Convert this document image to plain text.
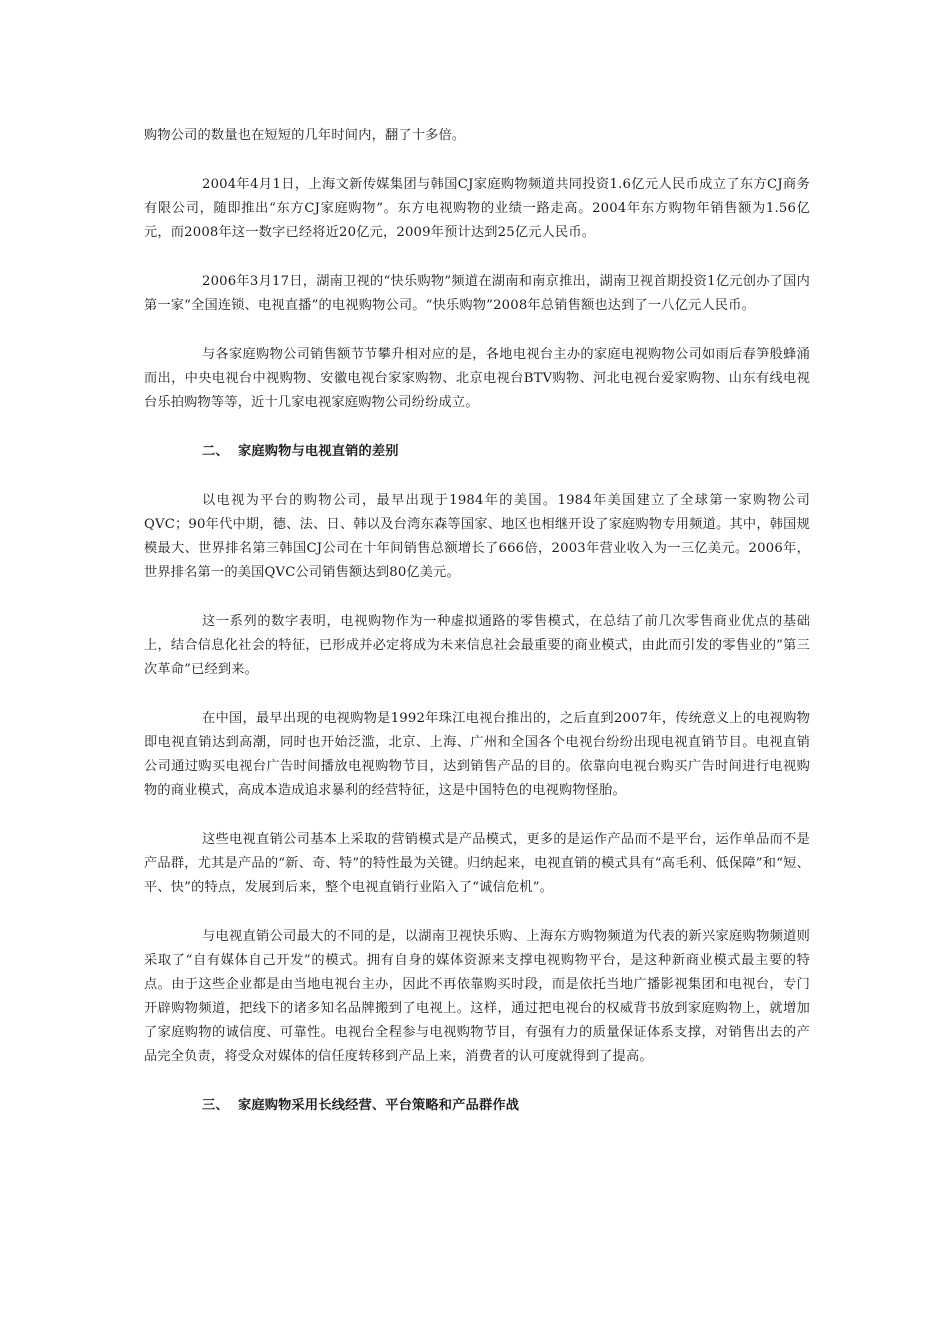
购物公司的数量也在短短的几年时间内，翻了十多倍。

2004年4月1日，上海文新传媒集团与韩国CJ家庭购物频道共同投资1.6亿元人民币成立了东方CJ商务有限公司，随即推出“东方CJ家庭购物”。东方电视购物的业绩一路走高。2004年东方购物年销售额为1.56亿元，而2008年这一数字已经将近20亿元，2009年预计达到25亿元人民币。

2006年3月17日，湖南卫视的“快乐购物”频道在湖南和南京推出，湖南卫视首期投资1亿元创办了国内第一家“全国连锁、电视直播”的电视购物公司。“快乐购物”2008年总销售额也达到了一八亿元人民币。

与各家庭购物公司销售额节节攀升相对应的是，各地电视台主办的家庭电视购物公司如雨后春笋般蜂涌而出，中央电视台中视购物、安徽电视台家家购物、北京电视台BTV购物、河北电视台爱家购物、山东有线电视台乐拍购物等等，近十几家电视家庭购物公司纷纷成立。

二、 家庭购物与电视直销的差别

以电视为平台的购物公司，最早出现于1984年的美国。1984年美国建立了全球第一家购物公司QVC；90年代中期，德、法、日、韩以及台湾东森等国家、地区也相继开设了家庭购物专用频道。其中，韩国规模最大、世界排名第三韩国CJ公司在十年间销售总额增长了666倍，2003年营业收入为一三亿美元。2006年，世界排名第一的美国QVC公司销售额达到80亿美元。

这一系列的数字表明，电视购物作为一种虚拟通路的零售模式，在总结了前几次零售商业优点的基础上，结合信息化社会的特征，已形成并必定将成为未来信息社会最重要的商业模式，由此而引发的零售业的“第三次革命”已经到来。

在中国，最早出现的电视购物是1992年珠江电视台推出的，之后直到2007年，传统意义上的电视购物即电视直销达到高潮，同时也开始泛滥，北京、上海、广州和全国各个电视台纷纷出现电视直销节目。电视直销公司通过购买电视台广告时间播放电视购物节目，达到销售产品的目的。依靠向电视台购买广告时间进行电视购物的商业模式，高成本造成追求暴利的经营特征，这是中国特色的电视购物怪胎。

这些电视直销公司基本上采取的营销模式是产品模式，更多的是运作产品而不是平台，运作单品而不是产品群，尤其是产品的“新、奇、特”的特性最为关键。归纳起来，电视直销的模式具有“高毛利、低保障”和“短、平、快”的特点，发展到后来，整个电视直销行业陷入了“诚信危机”。

与电视直销公司最大的不同的是，以湖南卫视快乐购、上海东方购物频道为代表的新兴家庭购物频道则采取了“自有媒体自己开发”的模式。拥有自身的媒体资源来支撑电视购物平台，是这种新商业模式最主要的特点。由于这些企业都是由当地电视台主办，因此不再依靠购买时段，而是依托当地广播影视集团和电视台，专门开辟购物频道，把线下的诸多知名品牌搬到了电视上。这样，通过把电视台的权威背书放到家庭购物上，就增加了家庭购物的诚信度、可靠性。电视台全程参与电视购物节目，有强有力的质量保证体系支撑，对销售出去的产品完全负责，将受众对媒体的信任度转移到产品上来，消费者的认可度就得到了提高。

三、 家庭购物采用长线经营、平台策略和产品群作战
